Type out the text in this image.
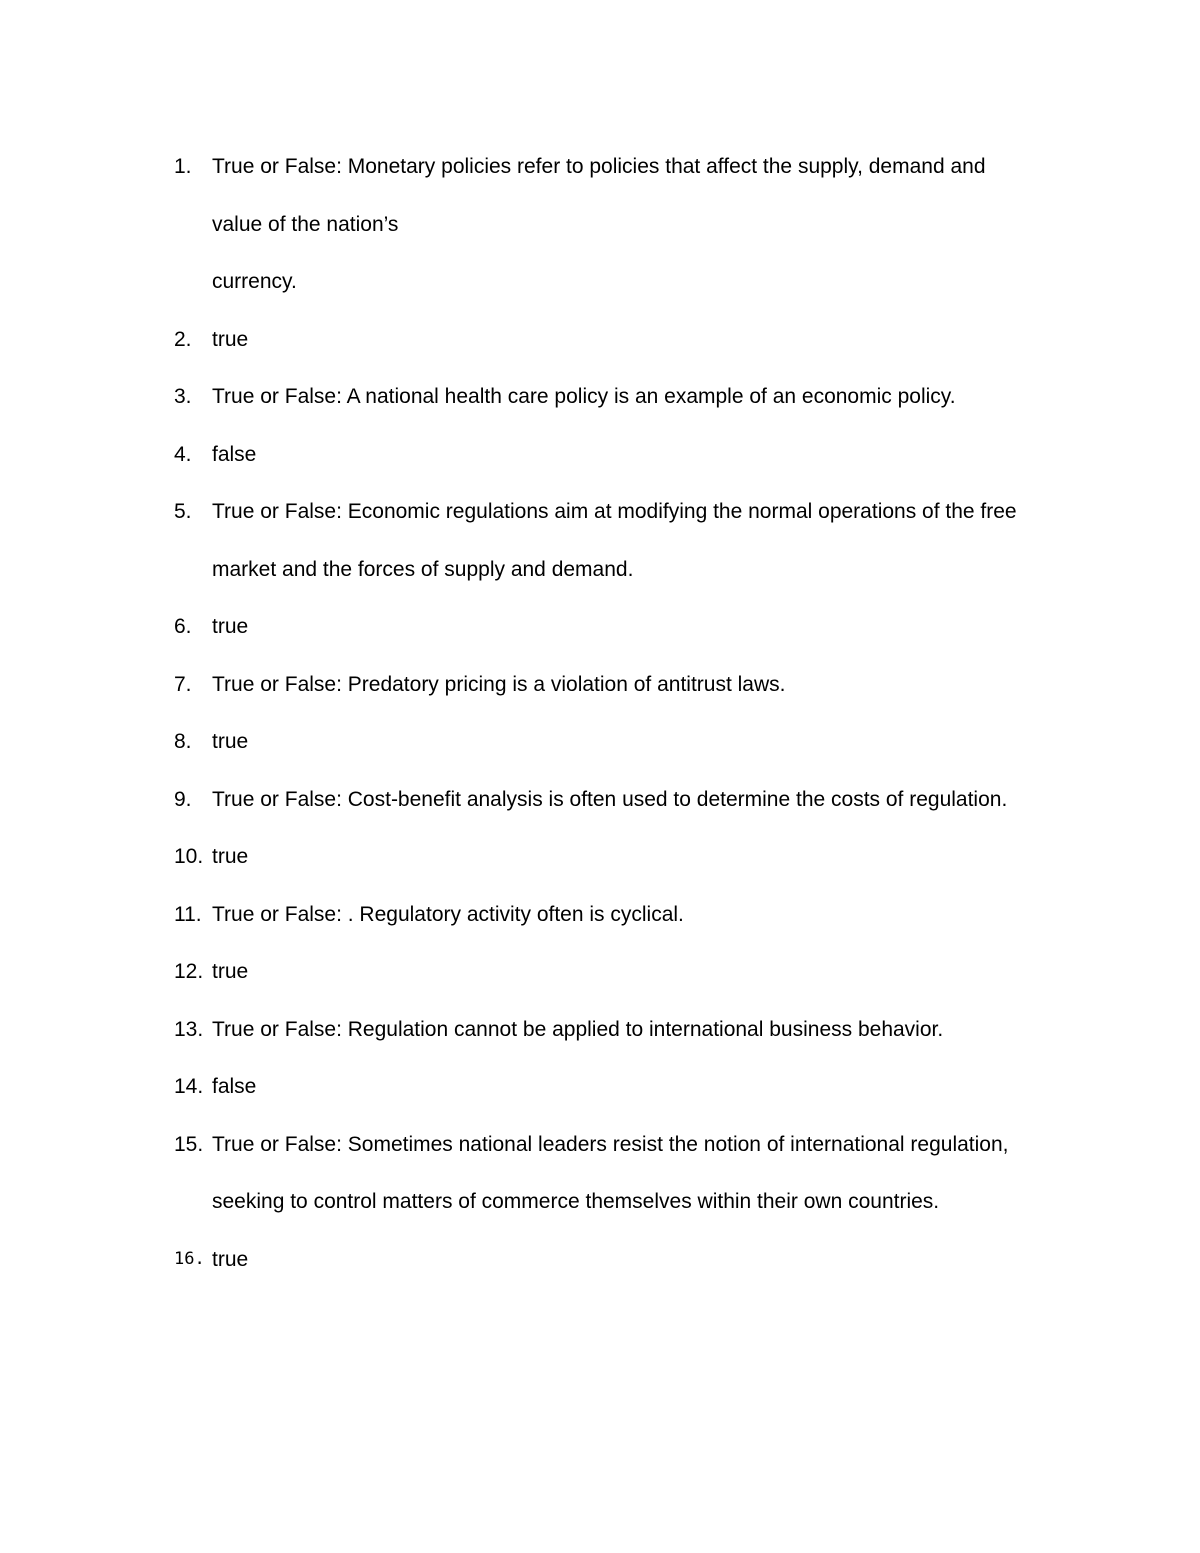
1. True or False: Monetary policies refer to policies that affect the supply, demand and
value of the nation’s
currency.
2. true
3. True or False: A national health care policy is an example of an economic policy.
4. false
5. True or False: Economic regulations aim at modifying the normal operations of the free
market and the forces of supply and demand.
6. true
7. True or False: Predatory pricing is a violation of antitrust laws.
8. true
9. True or False: Cost-benefit analysis is often used to determine the costs of regulation.
10. true
11. True or False: . Regulatory activity often is cyclical.
12. true
13. True or False: Regulation cannot be applied to international business behavior.
14. false
15. True or False: Sometimes national leaders resist the notion of international regulation,
seeking to control matters of commerce themselves within their own countries.
16. true
